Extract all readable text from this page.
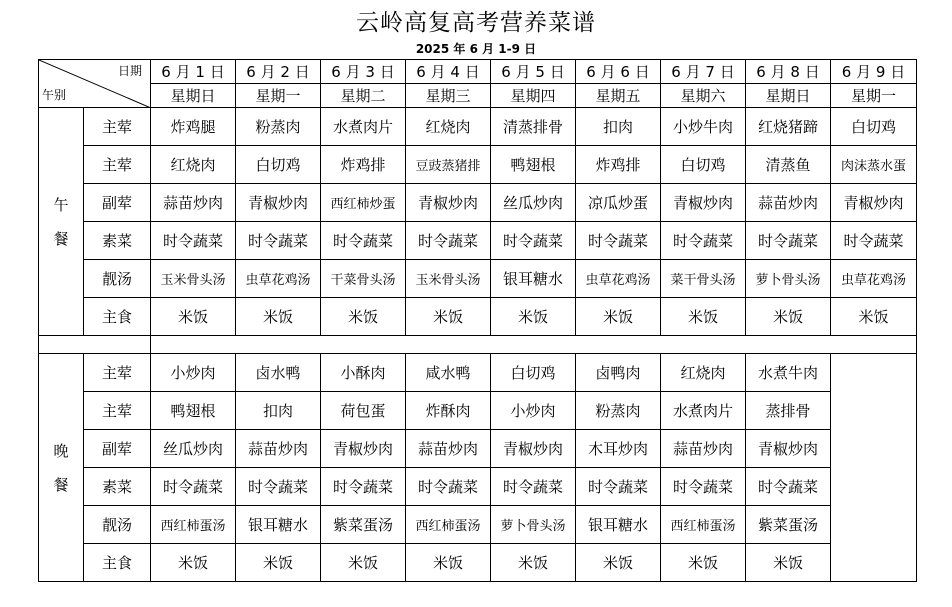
云岭高复高考营养菜谱
2025 年 6 月 1-9 日
日期
午别		6 月 1 日	6 月 2 日	6 月 3 日	6 月 4 日	6 月 5 日	6 月 6 日	6 月 7 日	6 月 8 日	6 月 9 日
		星期日	星期一	星期二	星期三	星期四	星期五	星期六	星期日	星期一
午餐	主荤	炸鸡腿	粉蒸肉	水煮肉片	红烧肉	清蒸排骨	扣肉	小炒牛肉	红烧猪蹄	白切鸡
	主荤	红烧肉	白切鸡	炸鸡排	豆豉蒸猪排	鸭翅根	炸鸡排	白切鸡	清蒸鱼	肉沫蒸水蛋
	副荤	蒜苗炒肉	青椒炒肉	西红柿炒蛋	青椒炒肉	丝瓜炒肉	凉瓜炒蛋	青椒炒肉	蒜苗炒肉	青椒炒肉
	素菜	时令蔬菜	时令蔬菜	时令蔬菜	时令蔬菜	时令蔬菜	时令蔬菜	时令蔬菜	时令蔬菜	时令蔬菜
	靓汤	玉米骨头汤	虫草花鸡汤	干菜骨头汤	玉米骨头汤	银耳糖水	虫草花鸡汤	菜干骨头汤	萝卜骨头汤	虫草花鸡汤
	主食	米饭	米饭	米饭	米饭	米饭	米饭	米饭	米饭	米饭

晚餐	主荤	小炒肉	卤水鸭	小酥肉	咸水鸭	白切鸡	卤鸭肉	红烧肉	水煮牛肉	
	主荤	鸭翅根	扣肉	荷包蛋	炸酥肉	小炒肉	粉蒸肉	水煮肉片	蒸排骨	
	副荤	丝瓜炒肉	蒜苗炒肉	青椒炒肉	蒜苗炒肉	青椒炒肉	木耳炒肉	蒜苗炒肉	青椒炒肉	
	素菜	时令蔬菜	时令蔬菜	时令蔬菜	时令蔬菜	时令蔬菜	时令蔬菜	时令蔬菜	时令蔬菜	
	靓汤	西红柿蛋汤	银耳糖水	紫菜蛋汤	西红柿蛋汤	萝卜骨头汤	银耳糖水	西红柿蛋汤	紫菜蛋汤	
	主食	米饭	米饭	米饭	米饭	米饭	米饭	米饭	米饭	
